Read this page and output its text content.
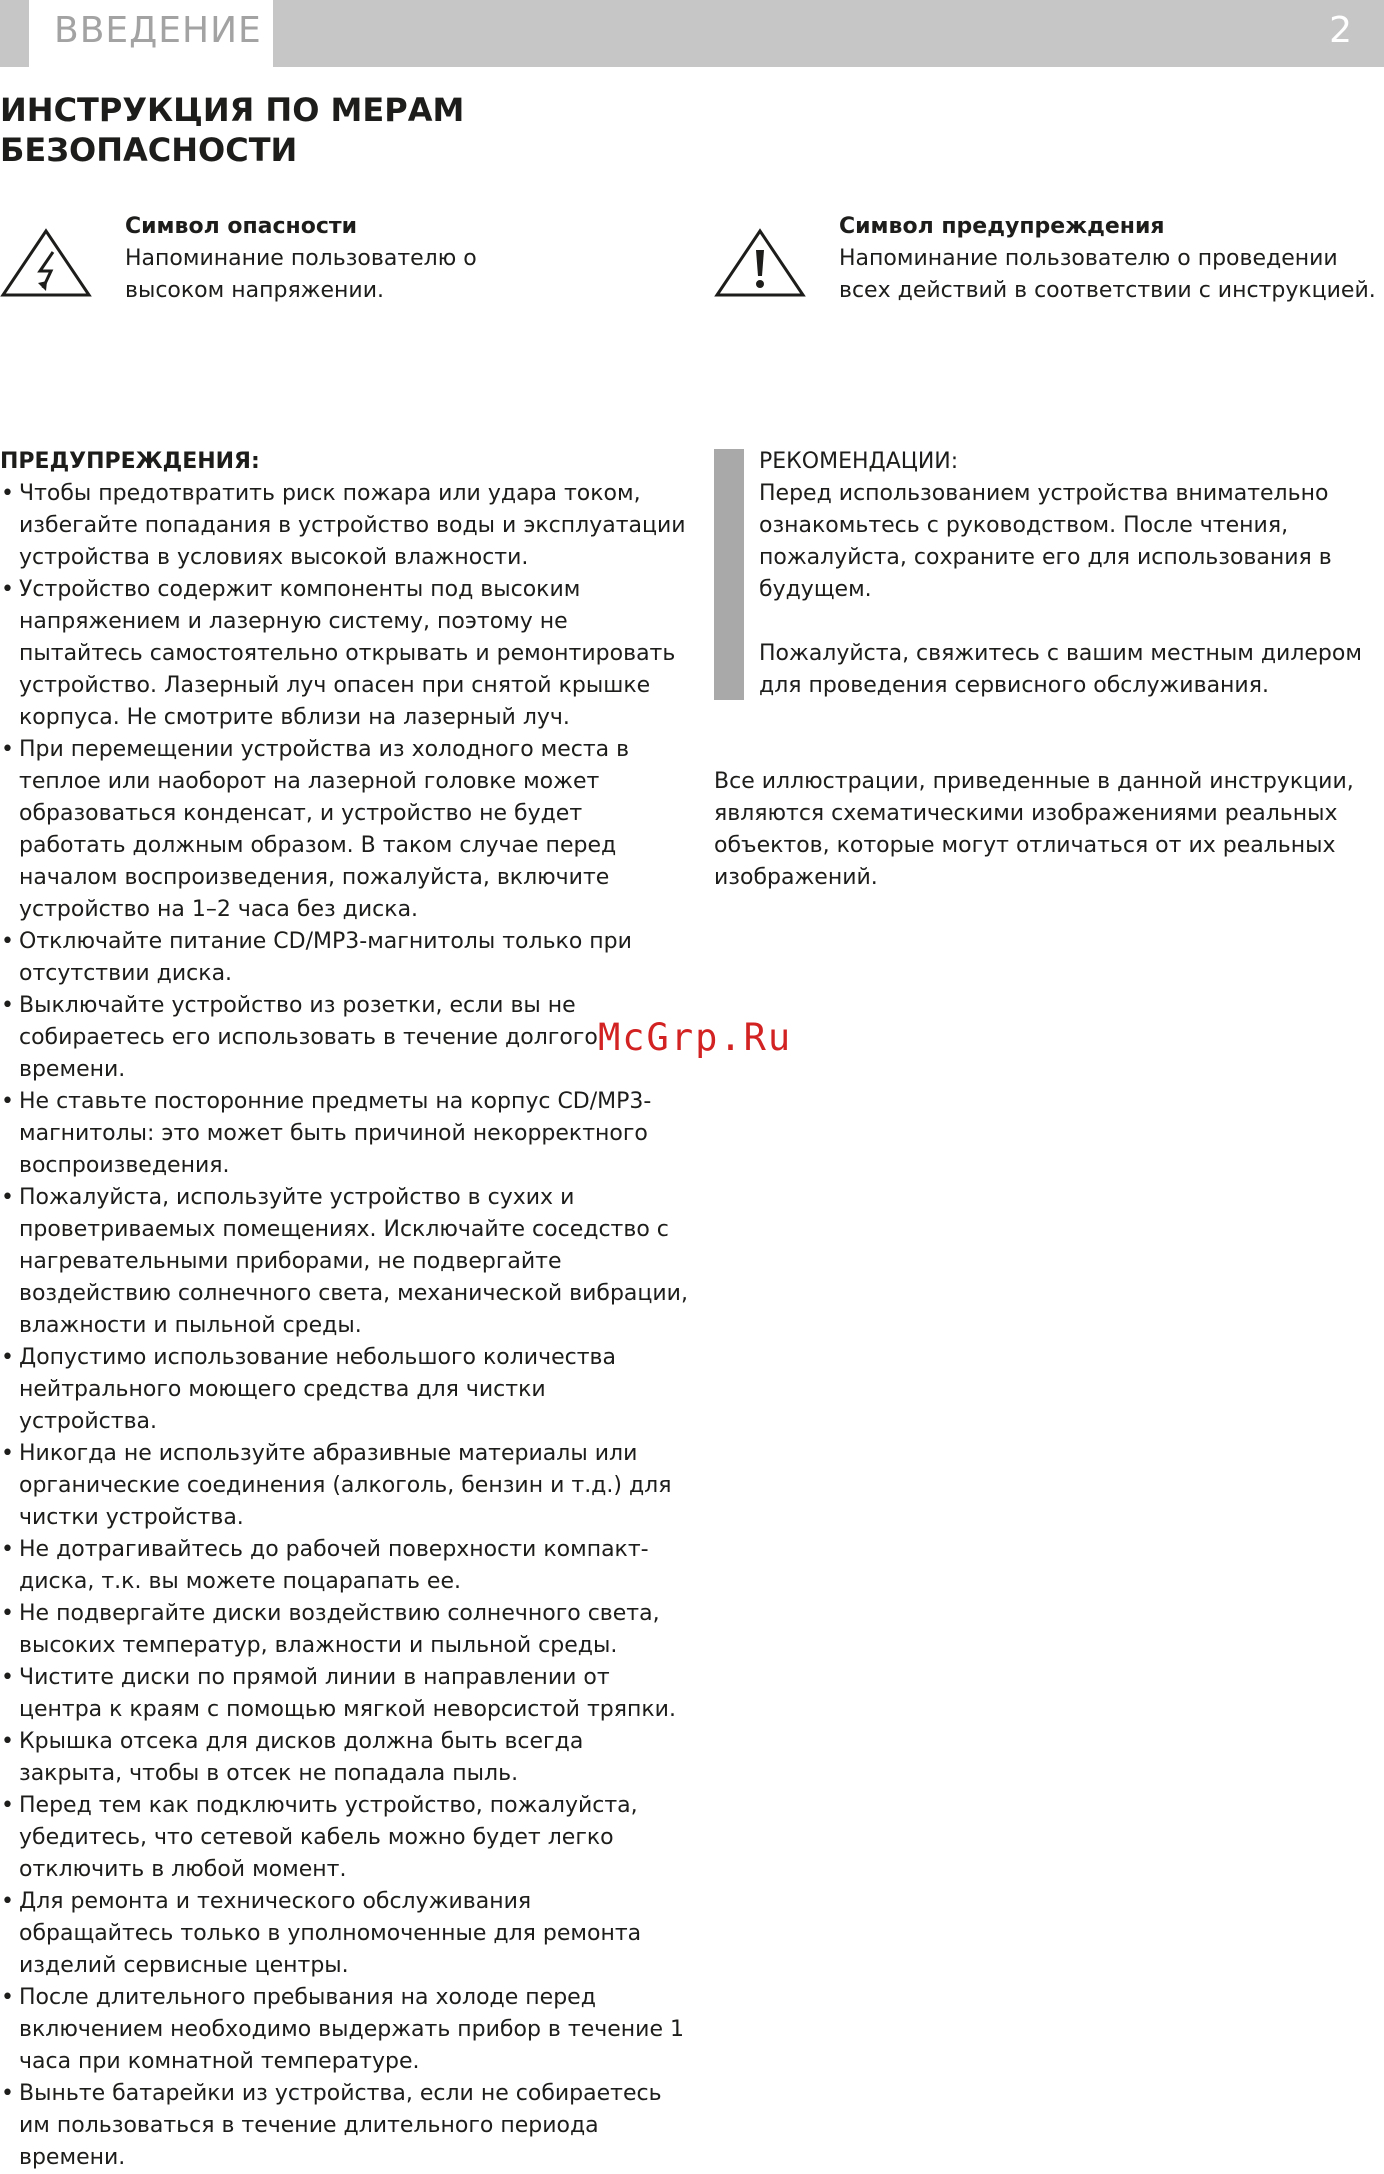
ВВЕДЕНИЕ	2
ИНСТРУКЦИЯ ПО МЕРАМ
БЕЗОПАСНОСТИ
Символ опасности

Напоминание пользователю о высоком напряжении.

Символ предупреждения

Напоминание пользователю о проведении всех действий в соответствии с инструкцией.

ПРЕДУПРЕЖДЕНИЯ:
• Чтобы предотвратить риск пожара или удара током, избегайте попадания в устройство воды и эксплуатации устройства в условиях высокой влажности.
• Устройство содержит компоненты под высоким напряжением и лазерную систему, поэтому не пытайтесь самостоятельно открывать и ремонтировать устройство. Лазерный луч опасен при снятой крышке корпуса. Не смотрите вблизи на лазерный луч.
• При перемещении устройства из холодного места в теплое или наоборот на лазерной головке может образоваться конденсат, и устройство не будет работать должным образом. В таком случае перед началом воспроизведения, пожалуйста, включите устройство на 1–2 часа без диска.
• Отключайте питание CD/MP3-магнитолы только при отсутствии диска.
• Выключайте устройство из розетки, если вы не собираетесь его использовать в течение долгого времени.
• Не ставьте посторонние предметы на корпус CD/MP3-магнитолы: это может быть причиной некорректного воспроизведения.
• Пожалуйста, используйте устройство в сухих и проветриваемых помещениях. Исключайте соседство с нагревательными приборами, не подвергайте воздействию солнечного света, механической вибрации, влажности и пыльной среды.
• Допустимо использование небольшого количества нейтрального моющего средства для чистки устройства.
• Никогда не используйте абразивные материалы или органические соединения (алкоголь, бензин и т.д.) для чистки устройства.
• Не дотрагивайтесь до рабочей поверхности компакт-диска, т.к. вы можете поцарапать ее.
• Не подвергайте диски воздействию солнечного света, высоких температур, влажности и пыльной среды.
• Чистите диски по прямой линии в направлении от центра к краям с помощью мягкой неворсистой тряпки.
• Крышка отсека для дисков должна быть всегда закрыта, чтобы в отсек не попадала пыль.
• Перед тем как подключить устройство, пожалуйста, убедитесь, что сетевой кабель можно будет легко отключить в любой момент.
• Для ремонта и технического обслуживания обращайтесь только в уполномоченные для ремонта изделий сервисные центры.
• После длительного пребывания на холоде перед включением необходимо выдержать прибор в течение 1 часа при комнатной температуре.
• Выньте батарейки из устройства, если не собираетесь им пользоваться в течение длительного периода времени.

РЕКОМЕНДАЦИИ:

Перед использованием устройства внимательно ознакомьтесь с руководством. После чтения, пожалуйста, сохраните его для использования в будущем.

Пожалуйста, свяжитесь с вашим местным дилером для проведения сервисного обслуживания.

Все иллюстрации, приведенные в данной инструкции, являются схематическими изображениями реальных объектов, которые могут отличаться от их реальных изображений.

McGrp.Ru
